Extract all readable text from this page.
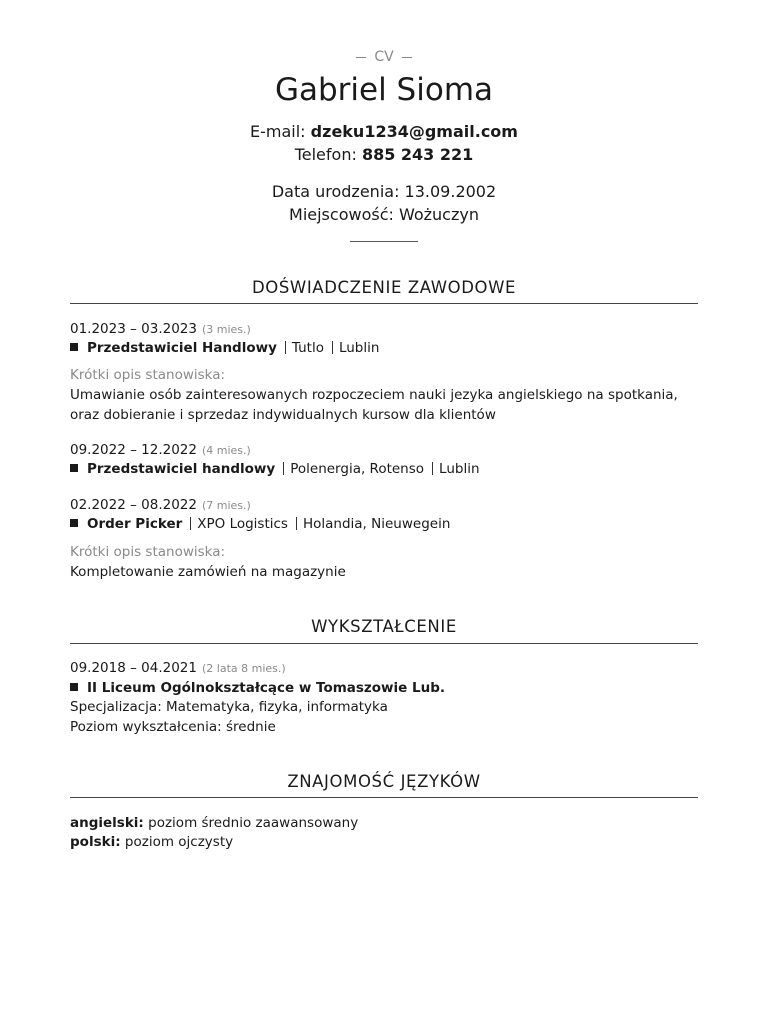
CV
Gabriel Sioma
E-mail: dzeku1234@gmail.com
Telefon: 885 243 221
Data urodzenia: 13.09.2002
Miejscowość: Wożuczyn
DOŚWIADCZENIE ZAWODOWE
01.2023 – 03.2023 (3 mies.)
Przedstawiciel Handlowy Tutlo Lublin
Krótki opis stanowiska:
Umawianie osób zainteresowanych rozpoczeciem nauki jezyka angielskiego na spotkania, oraz dobieranie i sprzedaz indywidualnych kursow dla klientów
09.2022 – 12.2022 (4 mies.)
Przedstawiciel handlowy Polenergia, Rotenso Lublin
02.2022 – 08.2022 (7 mies.)
Order Picker XPO Logistics Holandia, Nieuwegein
Krótki opis stanowiska:
Kompletowanie zamówień na magazynie
WYKSZTAŁCENIE
09.2018 – 04.2021 (2 lata 8 mies.)
II Liceum Ogólnokształcące w Tomaszowie Lub.
Specjalizacja: Matematyka, fizyka, informatyka
Poziom wykształcenia: średnie
ZNAJOMOŚĆ JĘZYKÓW
angielski: poziom średnio zaawansowany
polski: poziom ojczysty
